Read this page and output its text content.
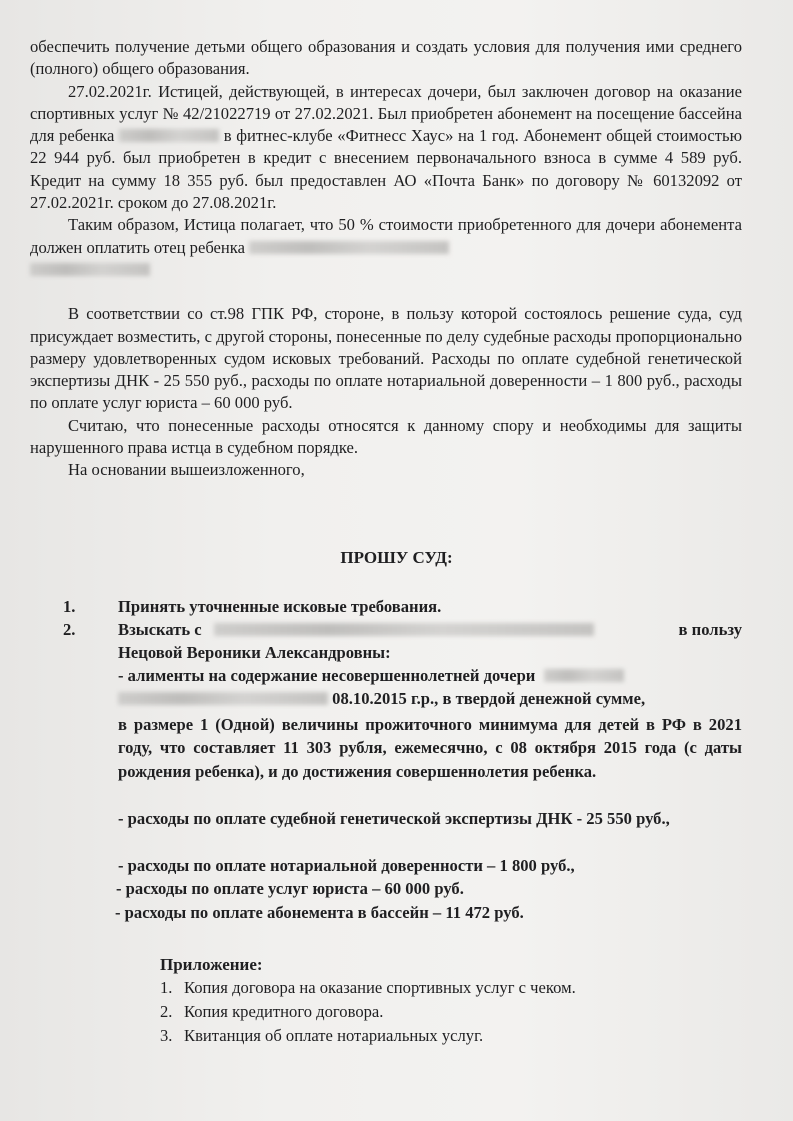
обеспечить получение детьми общего образования и создать условия для получения ими среднего (полного) общего образования.

27.02.2021г. Истицей, действующей, в интересах дочери, был заключен договор на оказание спортивных услуг № 42/21022719 от 27.02.2021. Был приобретен абонемент на посещение бассейна для ребенка	в фитнес-клубе «Фитнесс Хаус» на 1 год. Абонемент общей стоимостью 22 944 руб. был приобретен в кредит с внесением первоначального взноса в сумме 4 589 руб. Кредит на сумму 18 355 руб. был предоставлен АО «Почта Банк» по договору № 60132092 от 27.02.2021г. сроком до 27.08.2021г.

Таким образом, Истица полагает, что 50 % стоимости приобретенного для дочери абонемента должен оплатить отец ребенка

В соответствии со ст.98 ГПК РФ, стороне, в пользу которой состоялось решение суда, суд присуждает возместить, с другой стороны, понесенные по делу судебные расходы пропорционально размеру удовлетворенных судом исковых требований. Расходы по оплате судебной генетической экспертизы ДНК - 25 550 руб., расходы по оплате нотариальной доверенности – 1 800 руб., расходы по оплате услуг юриста – 60 000 руб.

Считаю, что понесенные расходы относятся к данному спору и необходимы для защиты нарушенного права истца в судебном порядке.

На основании вышеизложенного,

ПРОШУ СУД:
1.	Принять уточненные исковые требования.
2.	Взыскать с	в пользу
Нецовой Вероники Александровны:
- алименты на содержание несовершеннолетней дочери
08.10.2015 г.р., в твердой денежной сумме,
в размере 1 (Одной) величины прожиточного минимума для детей в РФ в 2021 году, что составляет 11 303 рубля, ежемесячно, с 08 октября 2015 года (с даты рождения ребенка), и до достижения совершеннолетия ребенка.
- расходы по оплате судебной генетической экспертизы ДНК - 25 550 руб.,
- расходы по оплате нотариальной доверенности – 1 800 руб.,
- расходы по оплате услуг юриста – 60 000 руб.
- расходы по оплате абонемента в бассейн – 11 472 руб.
Приложение:
1. Копия договора на оказание спортивных услуг с чеком.
2. Копия кредитного договора.
3. Квитанция об оплате нотариальных услуг.
